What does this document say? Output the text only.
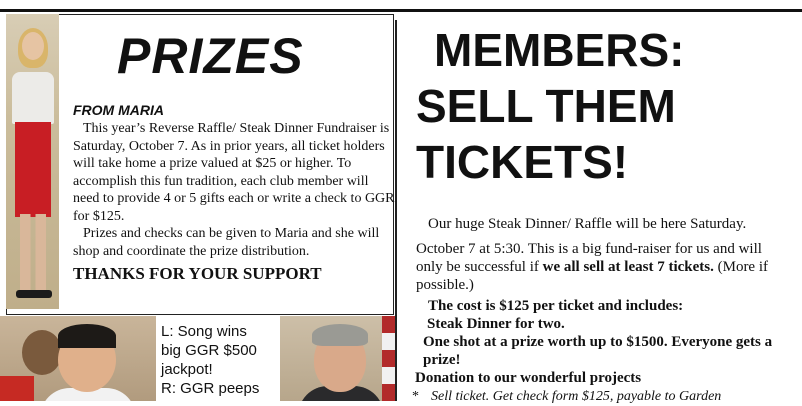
PRIZES
FROM MARIA

This year’s Reverse Raffle/ Steak Dinner Fundraiser is Saturday, October 7. As in prior years, all ticket holders will take home a prize valued at $25 or higher. To accomplish this fun tradition, each club member will need to provide 4 or 5 gifts each or write a check to GGR for $125.

Prizes and checks can be given to Maria and she will shop and coordinate the prize distribution.

THANKS FOR YOUR SUPPORT
L: Song wins
big GGR $500
jackpot!
R: GGR peeps
MEMBERS:
SELL THEM
TICKETS!
Our huge Steak Dinner/ Raffle will be here Saturday.
October 7 at 5:30. This is a big fund-raiser for us and will only be successful if we all sell at least 7 tickets. (More if possible.)
The cost is $125 per ticket and includes:
Steak Dinner for two.
One shot at a prize worth up to $1500. Everyone gets a prize!
Donation to our wonderful projects
* Sell ticket. Get check form $125, payable to Garden
